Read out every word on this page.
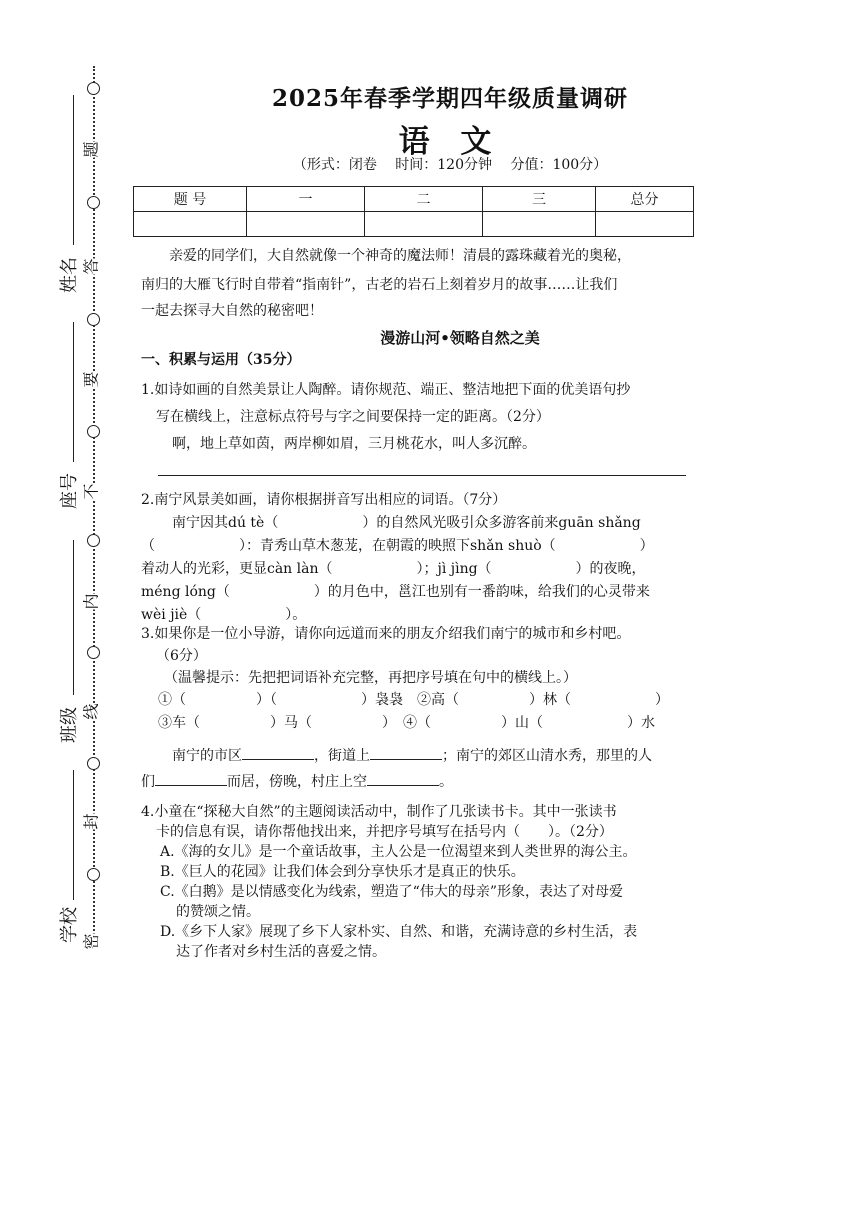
密
封
线
内
不
要
答
题
学校
班级
座号
姓名
2025年春季学期四年级质量调研
语 文
（形式：闭卷　 时间：120分钟　 分值：100分）
题 号	一	二	三	总分

亲爱的同学们，大自然就像一个神奇的魔法师！清晨的露珠藏着光的奥秘，
南归的大雁飞行时自带着“指南针”，古老的岩石上刻着岁月的故事……让我们
一起去探寻大自然的秘密吧！
漫游山河•领略自然之美
一、积累与运用（35分）
1.如诗如画的自然美景让人陶醉。请你规范、端正、整洁地把下面的优美语句抄
写在横线上，注意标点符号与字之间要保持一定的距离。（2分）
啊，地上草如茵，两岸柳如眉，三月桃花水，叫人多沉醉。
2.南宁风景美如画，请你根据拼音写出相应的词语。（7分）
南宁因其dú tè（　　　　　　）的自然风光吸引众多游客前来guān shǎng
（　　　　　　）：青秀山草木葱茏，在朝霞的映照下shǎn shuò（　　　　　　）
着动人的光彩，更显càn làn（　　　　　　）；jì jìng（　　　　　　）的夜晚，
méng lóng（　　　　　　）的月色中，邕江也别有一番韵味，给我们的心灵带来
wèi jiè（　　　　　　）。
3.如果你是一位小导游，请你向远道而来的朋友介绍我们南宁的城市和乡村吧。
（6分）
（温馨提示：先把把词语补充完整，再把序号填在句中的横线上。）
①（　　　　　）（　　　　　　）袅袅　②高（　　　　　）林（　　　　　　）
③车（　　　　　）马（　　　　　）　④（　　　　　）山（　　　　　　）水
南宁的市区	，街道上	；南宁的郊区山清水秀，那里的人
们	而居，傍晚，村庄上空	。
4.小童在“探秘大自然”的主题阅读活动中，制作了几张读书卡。其中一张读书
卡的信息有误，请你帮他找出来，并把序号填写在括号内（　　）。（2分）
A.《海的女儿》是一个童话故事，主人公是一位渴望来到人类世界的海公主。
B.《巨人的花园》让我们体会到分享快乐才是真正的快乐。
C.《白鹅》是以情感变化为线索，塑造了“伟大的母亲”形象，表达了对母爱
的赞颂之情。
D.《乡下人家》展现了乡下人家朴实、自然、和谐，充满诗意的乡村生活，表
达了作者对乡村生活的喜爱之情。
